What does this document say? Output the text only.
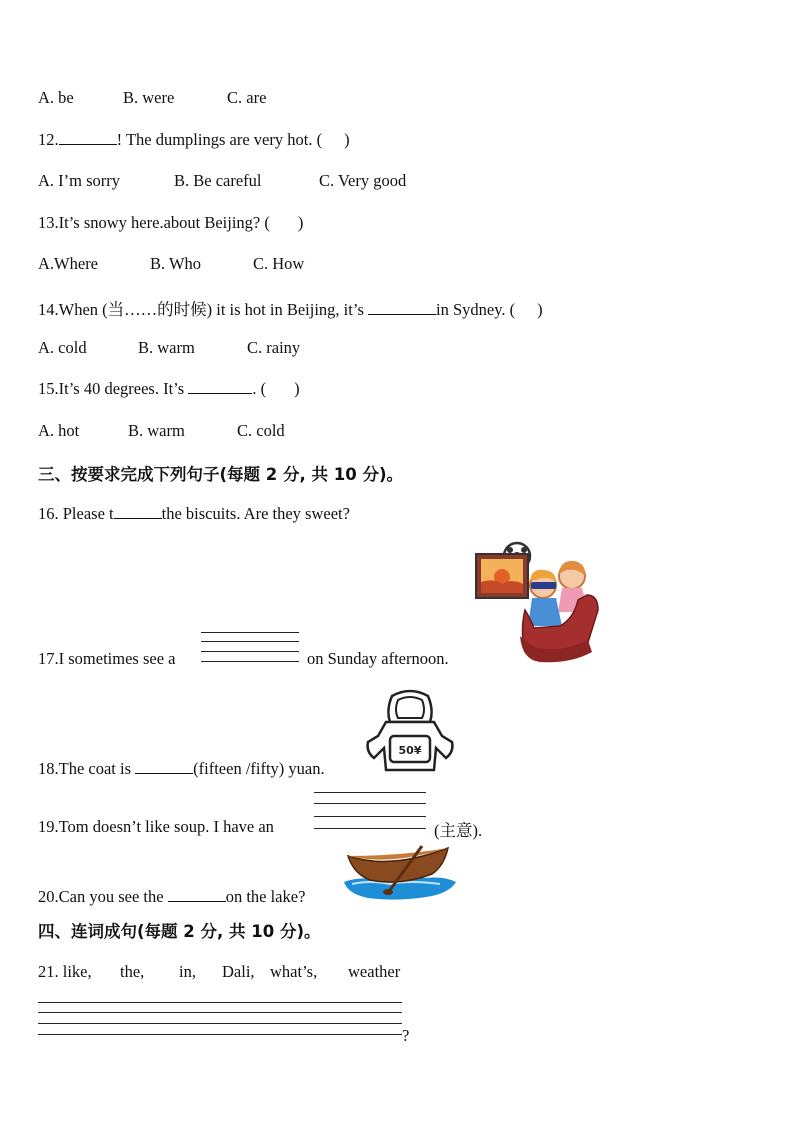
A. be	B. were	C. are
12.	! The dumplings are very hot. ( )
A. I’m sorry	B. Be careful	C. Very good
13.It’s snowy here.about Beijing? ( )
A.Where	B. Who	C. How
14.When (当……的时候) it is hot in Beijing, it’s	in Sydney. ( )
A. cold	B. warm	C. rainy
15.It’s 40 degrees. It’s	. ( )
A. hot	B. warm	C. cold
三、按要求完成下列句子(每题 2 分, 共 10 分)。
16. Please t	the biscuits. Are they sweet?
17.I sometimes see a	on Sunday afternoon.
18.The coat is	(fifteen /fifty) yuan.
50¥
19.Tom doesn’t like soup. I have an	(主意).
20.Can you see the	on the lake?
四、连词成句(每题 2 分, 共 10 分)。
21. like, the, in, Dali, what’s, weather
?
